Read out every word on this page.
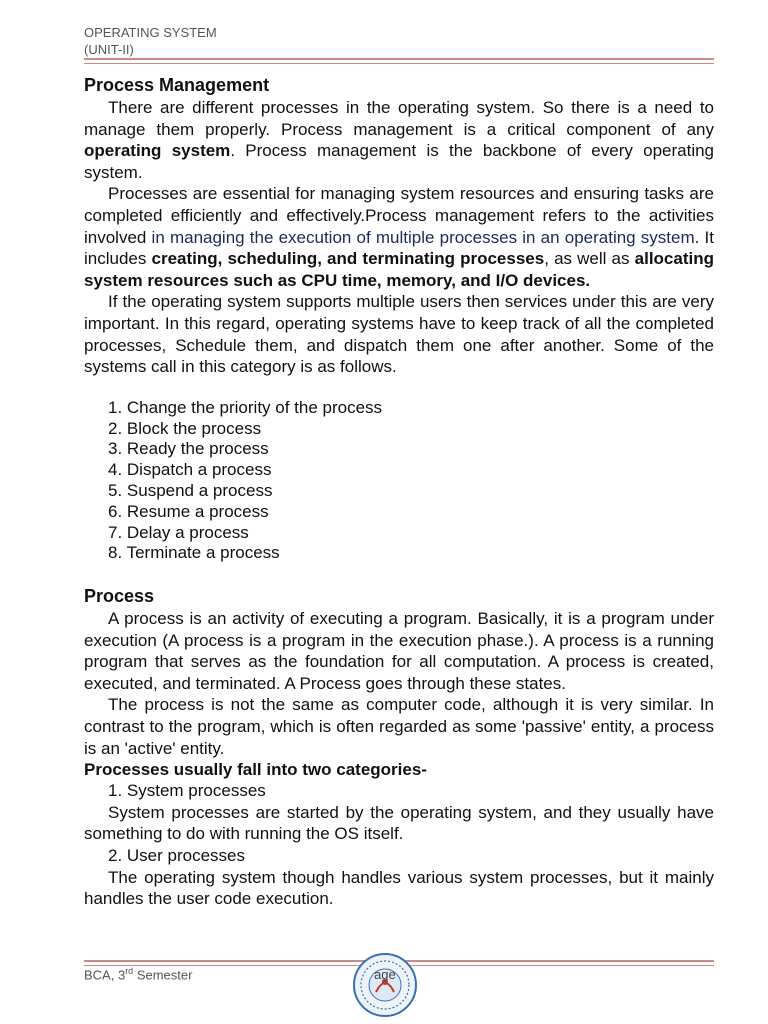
OPERATING SYSTEM
(UNIT-II)
Process Management

There are different processes in the operating system. So there is a need to manage them properly. Process management is a critical component of any operating system. Process management is the backbone of every operating system.

Processes are essential for managing system resources and ensuring tasks are completed efficiently and effectively.Process management refers to the activities involved in managing the execution of multiple processes in an operating system. It includes creating, scheduling, and terminating processes, as well as allocating system resources such as CPU time, memory, and I/O devices.

If the operating system supports multiple users then services under this are very important. In this regard, operating systems have to keep track of all the completed processes, Schedule them, and dispatch them one after another. Some of the systems call in this category is as follows.

1. Change the priority of the process
2. Block the process
3. Ready the process
4. Dispatch a process
5. Suspend a process
6. Resume a process
7. Delay a process
8. Terminate a process
Process

A process is an activity of executing a program. Basically, it is a program under execution (A process is a program in the execution phase.). A process is a running program that serves as the foundation for all computation. A process is created, executed, and terminated. A Process goes through these states.

The process is not the same as computer code, although it is very similar. In contrast to the program, which is often regarded as some 'passive' entity, a process is an 'active' entity.

Processes usually fall into two categories-
1. System processes

System processes are started by the operating system, and they usually have something to do with running the OS itself.

2. User processes

The operating system though handles various system processes, but it mainly handles the user code execution.

BCA, 3rd Semester	age
